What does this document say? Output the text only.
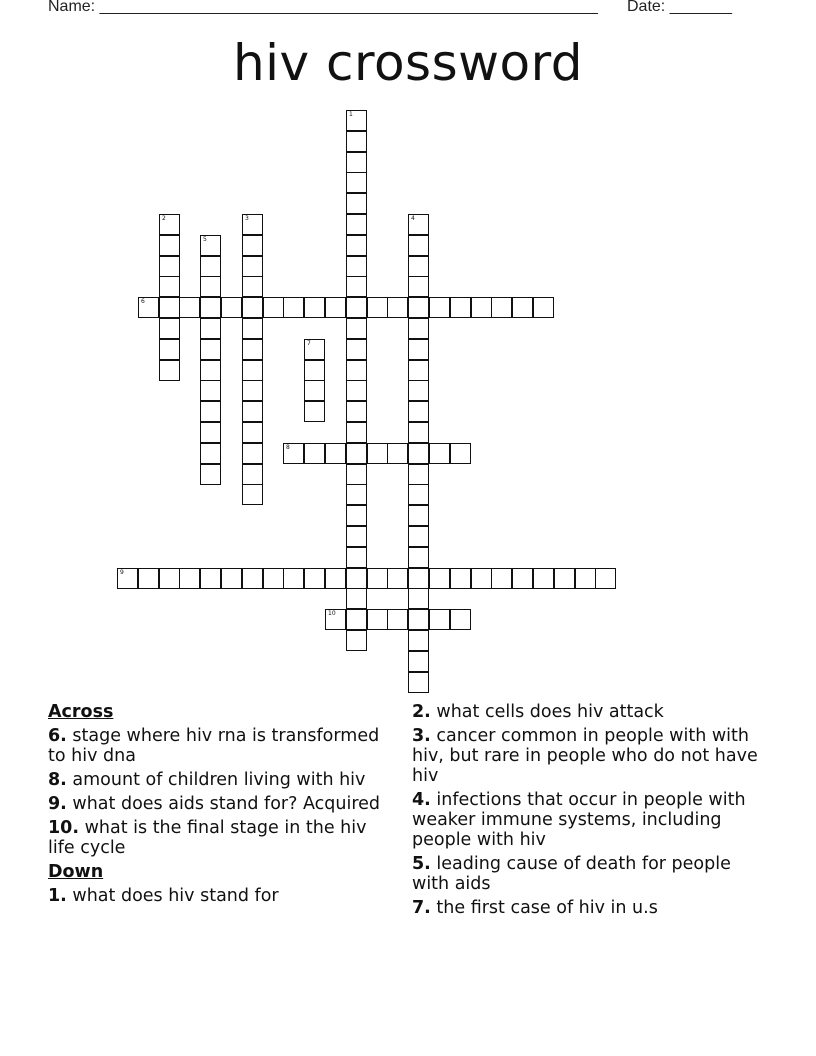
Name: ________________________________________________________ Date: _______
hiv crossword
1
2	3	4
5
6
7
8
9
10
Across
6. stage where hiv rna is transformed to hiv dna
8. amount of children living with hiv
9. what does aids stand for? Acquired
10. what is the final stage in the hiv life cycle
Down
1. what does hiv stand for
2. what cells does hiv attack
3. cancer common in people with with hiv, but rare in people who do not have hiv
4. infections that occur in people with weaker immune systems, including people with hiv
5. leading cause of death for people with aids
7. the first case of hiv in u.s
